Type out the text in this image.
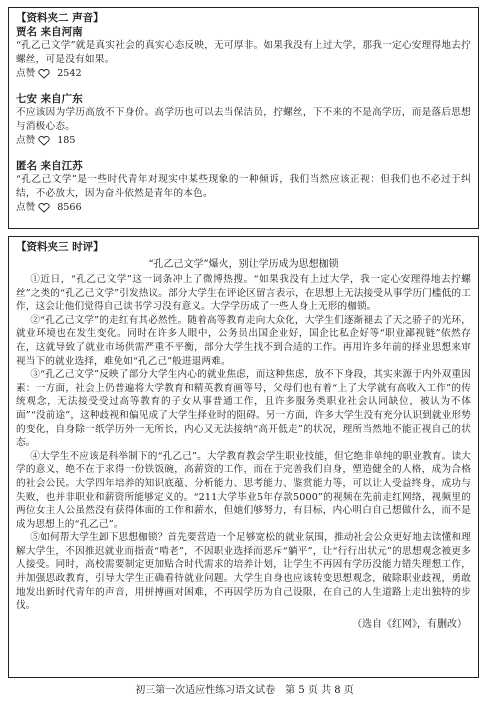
【资料夹二 声音】

贾名 来自河南

“孔乙己文学”就是真实社会的真实心态反映，无可厚非。如果我没有上过大学，那我一定心安理得地去拧螺丝，可是没有如果。

点赞 2542

七安 来自广东

不应该因为学历高放不下身价。高学历也可以去当保洁员，拧螺丝，下不来的不是高学历，而是落后思想与消极心态。

点赞 185

匿名 来自江苏

“孔乙己文学”是一些时代青年对现实中某些现象的一种倾诉，我们当然应该正视：但我们也不必过于纠结，不必放大，因为奋斗依然是青年的本色。

点赞 8566

【资料夹三 时评】

“孔乙己文学”爆火，别让学历成为思想枷锁

①近日，“孔乙己文学”这一词条冲上了微博热搜。“如果我没有上过大学，我一定心安理得地去拧螺丝”之类的“孔乙己文学”引发热议。部分大学生在评论区留言表示，在思想上无法接受从事学历门槛低的工作，这会让他们觉得自己读书学习没有意义。大学学历成了一些人身上无形的枷锁。

②“孔乙己文学”的走红有其必然性。随着高等教育走向大众化，大学生们逐渐褪去了天之骄子的光环，就业环境也在发生变化。同时在许多人眼中，公务员出国企业好，国企比私企好等“职业鄙视链”依然存在，这就导致了就业市场供需严重不平衡，部分大学生找不到合适的工作。再用许多年前的择业思想来审视当下的就业选择，难免如“孔乙己”般进退两难。

③“孔乙己文学”反映了部分大学生内心的就业焦虑，而这种焦虑，放不下身段，其实来源于内外双重因素：一方面，社会上仍普遍将大学教育和精英教育画等号，父母们也有着“上了大学就有高收入工作”的传统观念，无法接受受过高等教育的子女从事普通工作，且许多服务类职业社会认同缺位，被认为不体面”“没前途”，这种歧视和偏见成了大学生择业时的阻碍。另一方面，许多大学生没有充分认识到就业形势的变化，自身除一纸学历外一无所长，内心又无法接纳“高开低走”的状况，理所当然地不能正视自己的状态。

④大学生不应该是科举制下的“孔乙己”。大学教育教会学生职业技能，但它绝非单纯的职业教育。读大学的意义，绝不在于求得一份铁饭碗，高薪资的工作，而在于完善我们自身，塑造健全的人格，成为合格的社会公民。大学四年培养的知识底蕴、分析能力、思考能力、鉴赏能力等，可以让人受益终身，成功与失败，也并非职业和薪资所能够定义的。“211大学毕业5年存款5000”的视频在先前走红网络，视频里的两位女主人公虽然没有获得体面的工作和薪水，但她们够努力，有目标，内心明白自己想做什么，而不是成为思想上的“孔乙己”。

⑤如何帮大学生卸下思想枷锁？首先要营造一个足够宽松的就业氛围，推动社会公众更好地去读懂和理解大学生，不因推迟就业而指责“啃老”，不因职业选择而恶斥“躺平”，让“行行出状元”的思想观念被更多人接受。同时，高校需要制定更加贴合时代需求的培养计划，让学生不再因有学历没能力错失理想工作，并加强思政教育，引导大学生正确看待就业问题。大学生自身也应该转变思想观念，破除职业歧视，勇敢地发出新时代青年的声音，用拼搏画对困难，不再因学历为自己设限，在自己的人生道路上走出独特的步伐。

（选自《红网》，有删改）

初三第一次适应性练习语文试卷　第 5 页 共 8 页
